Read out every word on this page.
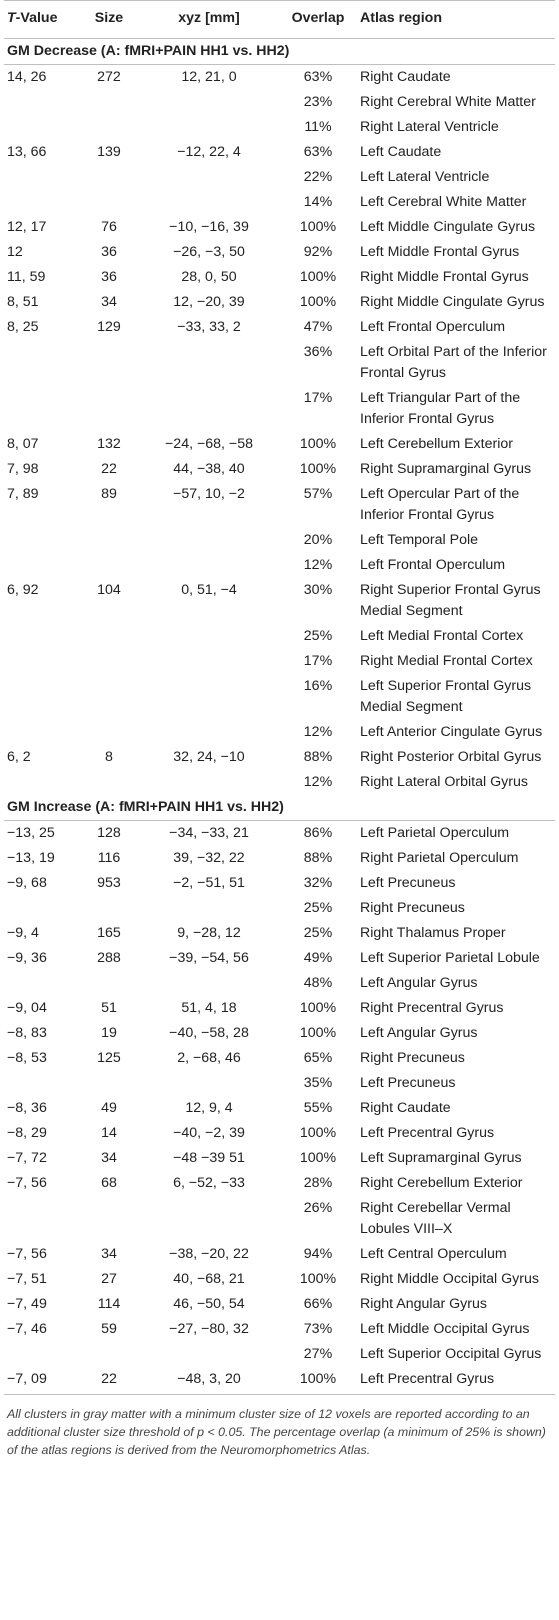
T-Value	Size	xyz [mm]	Overlap	Atlas region
GM Decrease (A: fMRI+PAIN HH1 vs. HH2)				
14, 26	272	12, 21, 0	63%	Right Caudate
			23%	Right Cerebral White Matter
			11%	Right Lateral Ventricle
13, 66	139	−12, 22, 4	63%	Left Caudate
			22%	Left Lateral Ventricle
			14%	Left Cerebral White Matter
12, 17	76	−10, −16, 39	100%	Left Middle Cingulate Gyrus
12	36	−26, −3, 50	92%	Left Middle Frontal Gyrus
11, 59	36	28, 0, 50	100%	Right Middle Frontal Gyrus
8, 51	34	12, −20, 39	100%	Right Middle Cingulate Gyrus
8, 25	129	−33, 33, 2	47%	Left Frontal Operculum
			36%	Left Orbital Part of the Inferior Frontal Gyrus
			17%	Left Triangular Part of the Inferior Frontal Gyrus
8, 07	132	−24, −68, −58	100%	Left Cerebellum Exterior
7, 98	22	44, −38, 40	100%	Right Supramarginal Gyrus
7, 89	89	−57, 10, −2	57%	Left Opercular Part of the Inferior Frontal Gyrus
			20%	Left Temporal Pole
			12%	Left Frontal Operculum
6, 92	104	0, 51, −4	30%	Right Superior Frontal Gyrus Medial Segment
			25%	Left Medial Frontal Cortex
			17%	Right Medial Frontal Cortex
			16%	Left Superior Frontal Gyrus Medial Segment
			12%	Left Anterior Cingulate Gyrus
6, 2	8	32, 24, −10	88%	Right Posterior Orbital Gyrus
			12%	Right Lateral Orbital Gyrus
GM Increase (A: fMRI+PAIN HH1 vs. HH2)				
−13, 25	128	−34, −33, 21	86%	Left Parietal Operculum
−13, 19	116	39, −32, 22	88%	Right Parietal Operculum
−9, 68	953	−2, −51, 51	32%	Left Precuneus
			25%	Right Precuneus
−9, 4	165	9, −28, 12	25%	Right Thalamus Proper
−9, 36	288	−39, −54, 56	49%	Left Superior Parietal Lobule
			48%	Left Angular Gyrus
−9, 04	51	51, 4, 18	100%	Right Precentral Gyrus
−8, 83	19	−40, −58, 28	100%	Left Angular Gyrus
−8, 53	125	2, −68, 46	65%	Right Precuneus
			35%	Left Precuneus
−8, 36	49	12, 9, 4	55%	Right Caudate
−8, 29	14	−40, −2, 39	100%	Left Precentral Gyrus
−7, 72	34	−48 −39 51	100%	Left Supramarginal Gyrus
−7, 56	68	6, −52, −33	28%	Right Cerebellum Exterior
			26%	Right Cerebellar Vermal Lobules VIII–X
−7, 56	34	−38, −20, 22	94%	Left Central Operculum
−7, 51	27	40, −68, 21	100%	Right Middle Occipital Gyrus
−7, 49	114	46, −50, 54	66%	Right Angular Gyrus
−7, 46	59	−27, −80, 32	73%	Left Middle Occipital Gyrus
			27%	Left Superior Occipital Gyrus
−7, 09	22	−48, 3, 20	100%	Left Precentral Gyrus
All clusters in gray matter with a minimum cluster size of 12 voxels are reported according to an additional cluster size threshold of p < 0.05. The percentage overlap (a minimum of 25% is shown) of the atlas regions is derived from the Neuromorphometrics Atlas.
